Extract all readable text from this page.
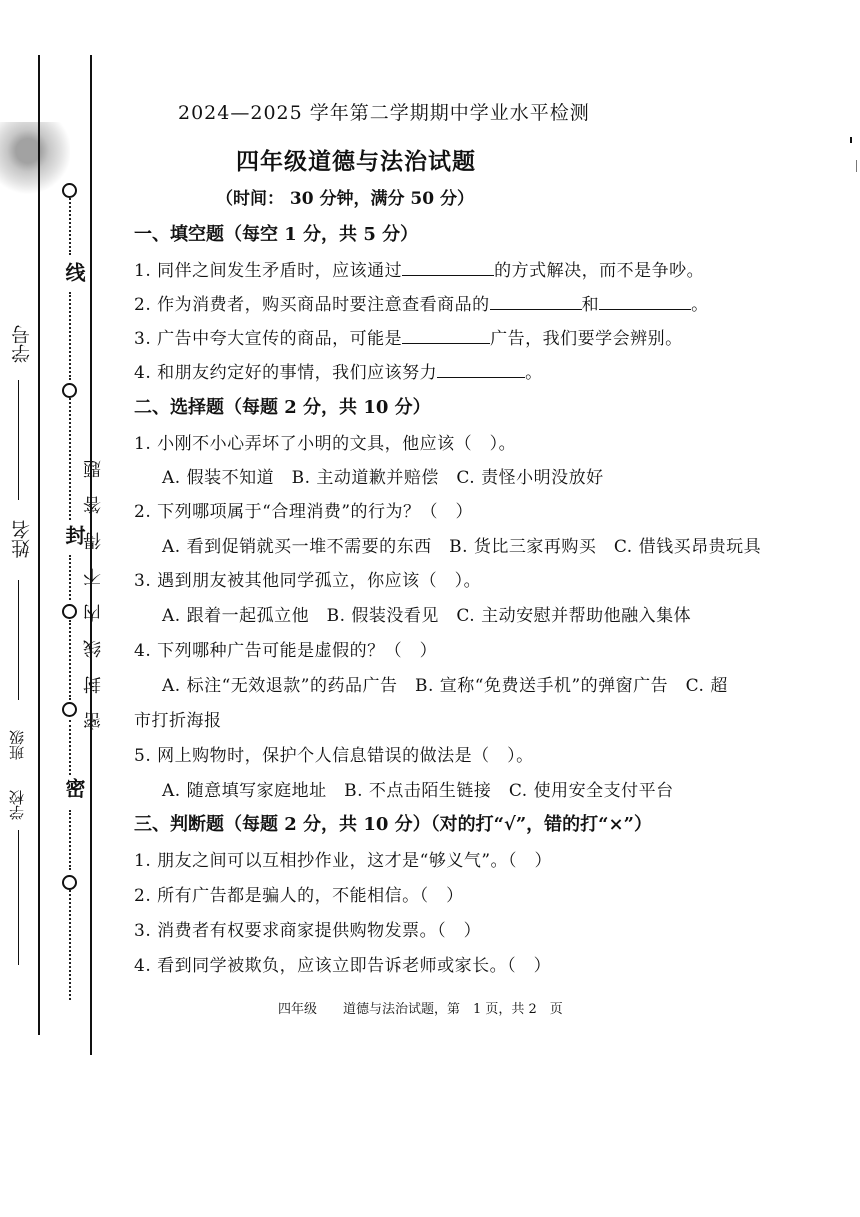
学号
姓名
班级
学校
线
封
密
密封线内不得答题
2024—2025 学年第二学期期中学业水平检测
四年级道德与法治试题
（时间： 30 分钟，满分 50 分）
一、填空题（每空 1 分，共 5 分）
1. 同伴之间发生矛盾时，应该通过	的方式解决，而不是争吵。
2. 作为消费者，购买商品时要注意查看商品的	和	。
3. 广告中夸大宣传的商品，可能是	广告，我们要学会辨别。
4. 和朋友约定好的事情，我们应该努力	。
二、选择题（每题 2 分，共 10 分）
1. 小刚不小心弄坏了小明的文具，他应该（　）。
A. 假装不知道　B. 主动道歉并赔偿　C. 责怪小明没放好
2. 下列哪项属于“合理消费”的行为？（　）
A. 看到促销就买一堆不需要的东西　B. 货比三家再购买　C. 借钱买昂贵玩具
3. 遇到朋友被其他同学孤立，你应该（　）。
A. 跟着一起孤立他　B. 假装没看见　C. 主动安慰并帮助他融入集体
4. 下列哪种广告可能是虚假的？（　）
A. 标注“无效退款”的药品广告　B. 宣称“免费送手机”的弹窗广告　C. 超
市打折海报
5. 网上购物时，保护个人信息错误的做法是（　）。
A. 随意填写家庭地址　B. 不点击陌生链接　C. 使用安全支付平台
三、判断题（每题 2 分，共 10 分）（对的打“√”，错的打“×”）
1. 朋友之间可以互相抄作业，这才是“够义气”。（　）
2. 所有广告都是骗人的，不能相信。（　）
3. 消费者有权要求商家提供购物发票。（　）
4. 看到同学被欺负，应该立即告诉老师或家长。（　）
四年级　　道德与法治试题，第　1 页，共 2　页
